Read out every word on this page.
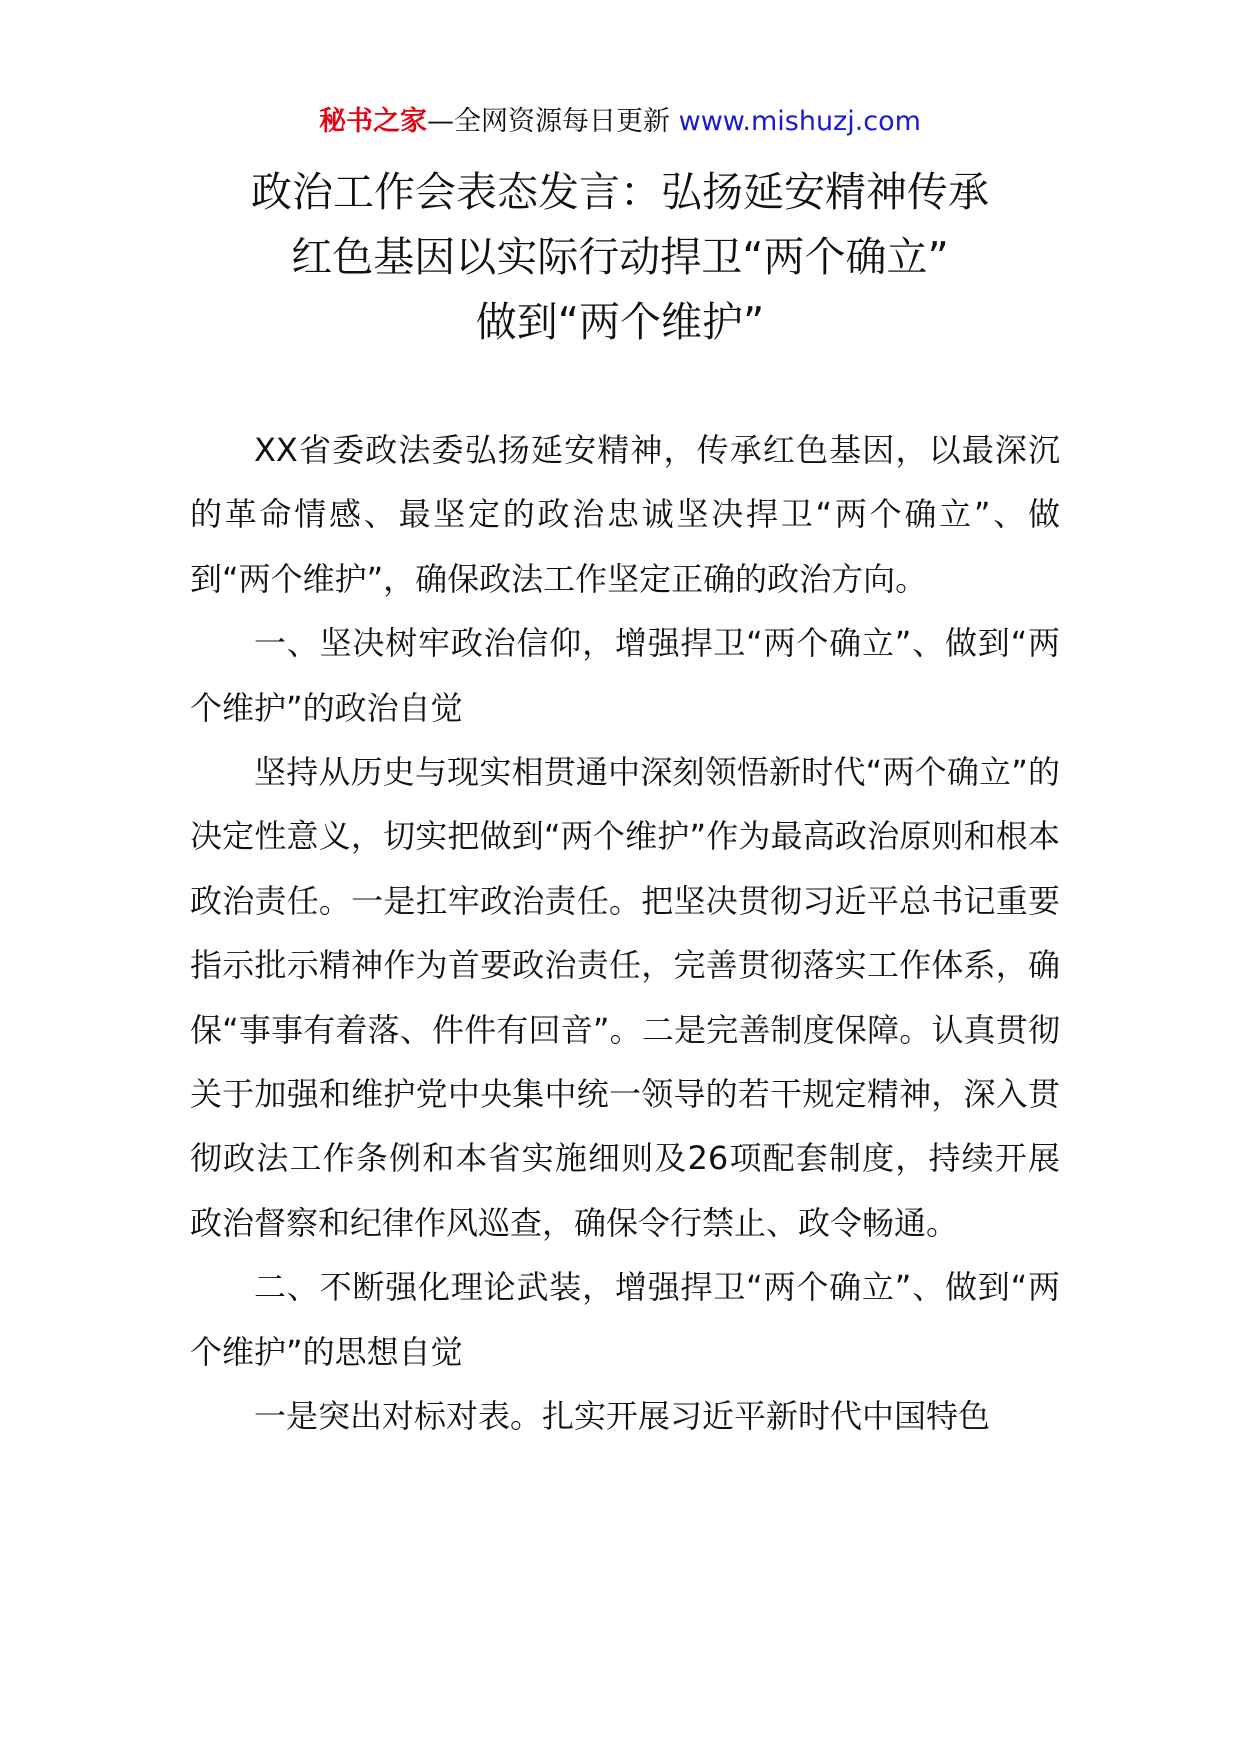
秘书之家—全网资源每日更新 www.mishuzj.com
政治工作会表态发言：弘扬延安精神传承
红色基因以实际行动捍卫“两个确立”
做到“两个维护”

XX省委政法委弘扬延安精神，传承红色基因，以最深沉的革命情感、最坚定的政治忠诚坚决捍卫“两个确立”、做到“两个维护”，确保政法工作坚定正确的政治方向。

一、坚决树牢政治信仰，增强捍卫“两个确立”、做到“两个维护”的政治自觉

坚持从历史与现实相贯通中深刻领悟新时代“两个确立”的决定性意义，切实把做到“两个维护”作为最高政治原则和根本政治责任。一是扛牢政治责任。把坚决贯彻习近平总书记重要指示批示精神作为首要政治责任，完善贯彻落实工作体系，确保“事事有着落、件件有回音”。二是完善制度保障。认真贯彻关于加强和维护党中央集中统一领导的若干规定精神，深入贯彻政法工作条例和本省实施细则及26项配套制度，持续开展政治督察和纪律作风巡查，确保令行禁止、政令畅通。

二、不断强化理论武装，增强捍卫“两个确立”、做到“两个维护”的思想自觉

一是突出对标对表。扎实开展习近平新时代中国特色
